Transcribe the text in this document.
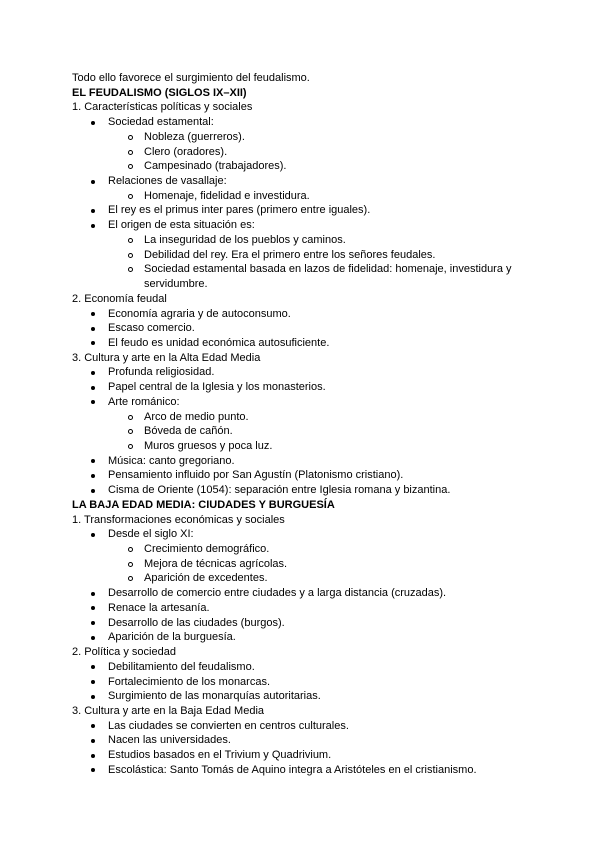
Todo ello favorece el surgimiento del feudalismo.
EL FEUDALISMO (SIGLOS IX–XII)
1. Características políticas y sociales
Sociedad estamental:
Nobleza (guerreros).
Clero (oradores).
Campesinado (trabajadores).
Relaciones de vasallaje:
Homenaje, fidelidad e investidura.
El rey es el primus inter pares (primero entre iguales).
El origen de esta situación es:
La inseguridad de los pueblos y caminos.
Debilidad del rey. Era el primero entre los señores feudales.
Sociedad estamental basada en lazos de fidelidad: homenaje, investidura y
servidumbre.
2. Economía feudal
Economía agraria y de autoconsumo.
Escaso comercio.
El feudo es unidad económica autosuficiente.
3. Cultura y arte en la Alta Edad Media
Profunda religiosidad.
Papel central de la Iglesia y los monasterios.
Arte románico:
Arco de medio punto.
Bóveda de cañón.
Muros gruesos y poca luz.
Música: canto gregoriano.
Pensamiento influido por San Agustín (Platonismo cristiano).
Cisma de Oriente (1054): separación entre Iglesia romana y bizantina.
LA BAJA EDAD MEDIA: CIUDADES Y BURGUESÍA
1. Transformaciones económicas y sociales
Desde el siglo XI:
Crecimiento demográfico.
Mejora de técnicas agrícolas.
Aparición de excedentes.
Desarrollo de comercio entre ciudades y a larga distancia (cruzadas).
Renace la artesanía.
Desarrollo de las ciudades (burgos).
Aparición de la burguesía.
2. Política y sociedad
Debilitamiento del feudalismo.
Fortalecimiento de los monarcas.
Surgimiento de las monarquías autoritarias.
3. Cultura y arte en la Baja Edad Media
Las ciudades se convierten en centros culturales.
Nacen las universidades.
Estudios basados en el Trivium y Quadrivium.
Escolástica: Santo Tomás de Aquino integra a Aristóteles en el cristianismo.
